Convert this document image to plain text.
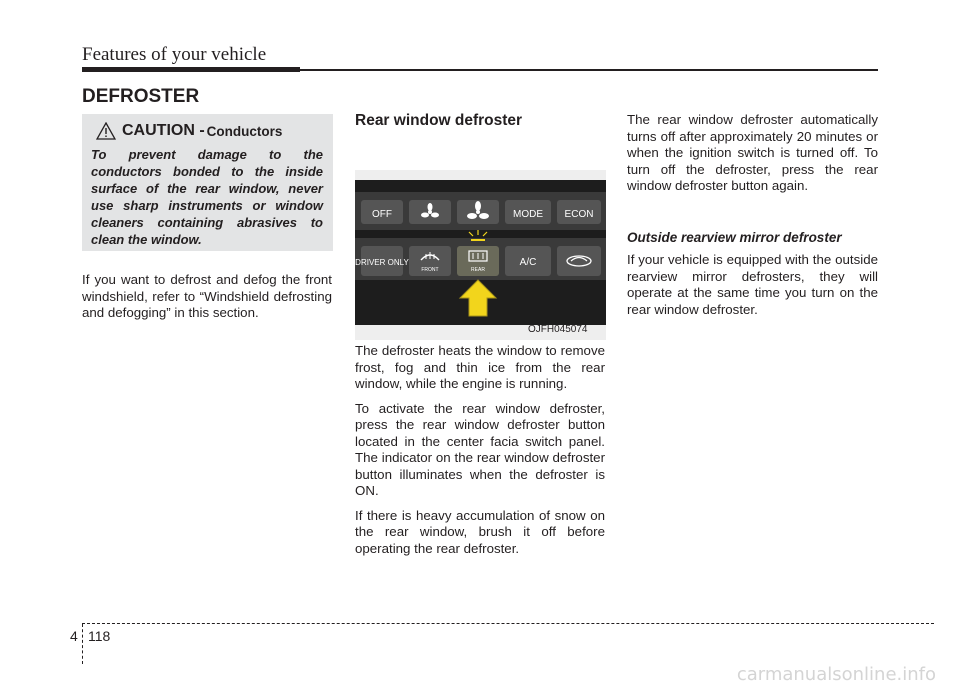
Features of your vehicle
DEFROSTER
CAUTION - Conductors
To prevent damage to the conductors bonded to the inside surface of the rear window, never use sharp instruments or window cleaners containing abrasives to clean the window.
If you want to defrost and defog the front windshield, refer to “Windshield defrosting and defogging” in this section.
Rear window defroster
OFF	MODE ECON
DRIVER ONLY
FRONT	REAR
A/C
OJFH045074

The defroster heats the window to remove frost, fog and thin ice from the rear window, while the engine is running.

To activate the rear window defroster, press the rear window defroster button located in the center facia switch panel. The indicator on the rear window defroster button illuminates when the defroster is ON.

If there is heavy accumulation of snow on the rear window, brush it off before operating the rear defroster.

The rear window defroster automatically turns off after approximately 20 minutes or when the ignition switch is turned off. To turn off the defroster, press the rear window defroster button again.

Outside rearview mirror defroster

If your vehicle is equipped with the outside rearview mirror defrosters, they will operate at the same time you turn on the rear window defroster.

4 118
carmanualsonline.info
